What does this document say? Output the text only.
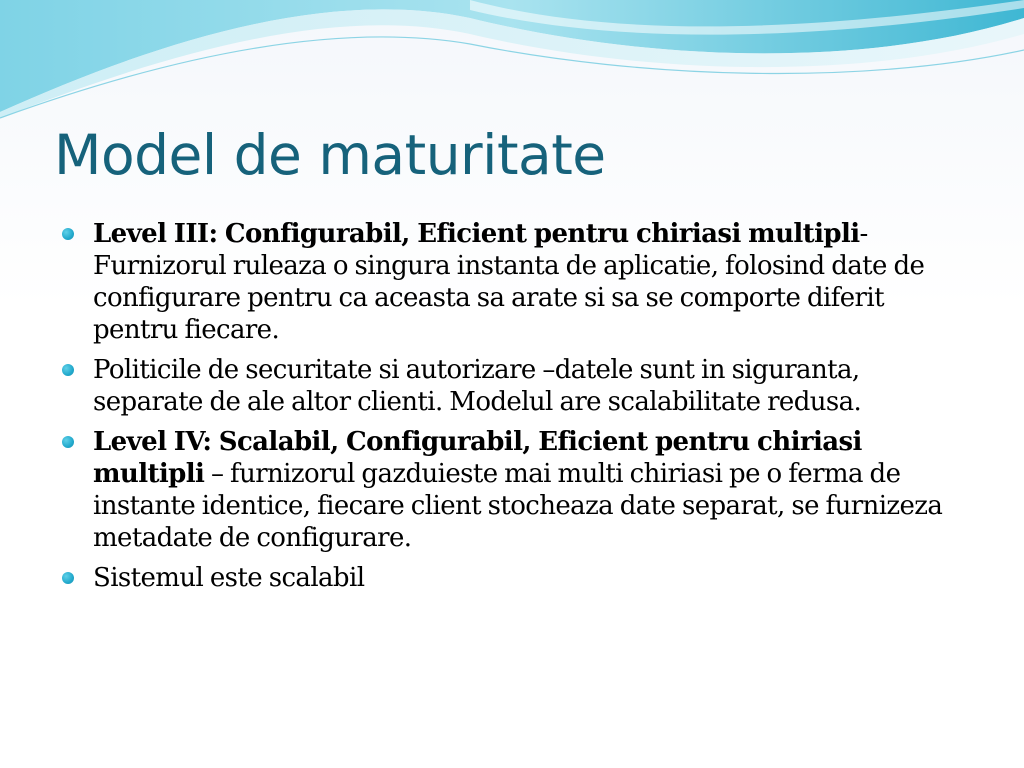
Model de maturitate
Level III: Configurabil, Eficient pentru chiriasi multipli- Furnizorul ruleaza o singura instanta de aplicatie, folosind date de configurare pentru ca aceasta sa arate si sa se comporte diferit pentru fiecare.
Politicile de securitate si autorizare –datele sunt in siguranta, separate de ale altor clienti. Modelul are scalabilitate redusa.
Level IV: Scalabil, Configurabil, Eficient pentru chiriasi multipli – furnizorul gazduieste mai multi chiriasi pe o ferma de instante identice, fiecare client stocheaza date separat, se furnizeza metadate de configurare.
Sistemul este scalabil
